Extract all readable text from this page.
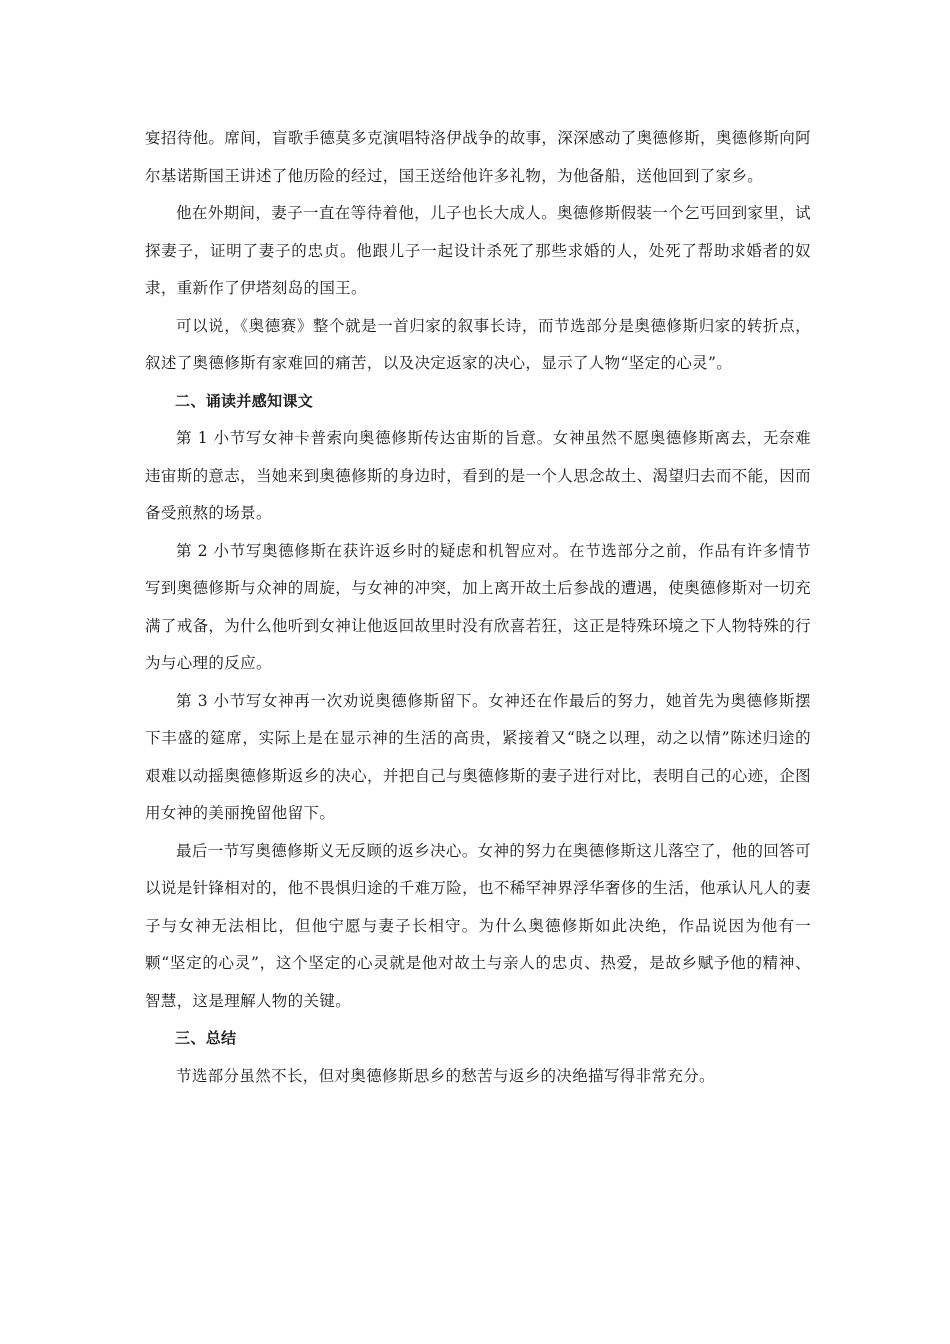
宴招待他。席间，盲歌手德莫多克演唱特洛伊战争的故事，深深感动了奥德修斯，奥德修斯向阿尔基诺斯国王讲述了他历险的经过，国王送给他许多礼物，为他备船，送他回到了家乡。

他在外期间，妻子一直在等待着他，儿子也长大成人。奥德修斯假装一个乞丐回到家里，试探妻子，证明了妻子的忠贞。他跟儿子一起设计杀死了那些求婚的人，处死了帮助求婚者的奴隶，重新作了伊塔刻岛的国王。

可以说，《奥德赛》整个就是一首归家的叙事长诗，而节选部分是奥德修斯归家的转折点，叙述了奥德修斯有家难回的痛苦，以及决定返家的决心，显示了人物“坚定的心灵”。

二、诵读并感知课文

第 1 小节写女神卡普索向奥德修斯传达宙斯的旨意。女神虽然不愿奥德修斯离去，无奈难违宙斯的意志，当她来到奥德修斯的身边时，看到的是一个人思念故土、渴望归去而不能，因而备受煎熬的场景。

第 2 小节写奥德修斯在获许返乡时的疑虑和机智应对。在节选部分之前，作品有许多情节写到奥德修斯与众神的周旋，与女神的冲突，加上离开故土后参战的遭遇，使奥德修斯对一切充满了戒备，为什么他听到女神让他返回故里时没有欣喜若狂，这正是特殊环境之下人物特殊的行为与心理的反应。

第 3 小节写女神再一次劝说奥德修斯留下。女神还在作最后的努力，她首先为奥德修斯摆下丰盛的筵席，实际上是在显示神的生活的高贵，紧接着又“晓之以理，动之以情”陈述归途的艰难以动摇奥德修斯返乡的决心，并把自己与奥德修斯的妻子进行对比，表明自己的心迹，企图用女神的美丽挽留他留下。

最后一节写奥德修斯义无反顾的返乡决心。女神的努力在奥德修斯这儿落空了，他的回答可以说是针锋相对的，他不畏惧归途的千难万险，也不稀罕神界浮华奢侈的生活，他承认凡人的妻子与女神无法相比，但他宁愿与妻子长相守。为什么奥德修斯如此决绝，作品说因为他有一颗“坚定的心灵”，这个坚定的心灵就是他对故土与亲人的忠贞、热爱，是故乡赋予他的精神、智慧，这是理解人物的关键。

三、总结

节选部分虽然不长，但对奥德修斯思乡的愁苦与返乡的决绝描写得非常充分。
